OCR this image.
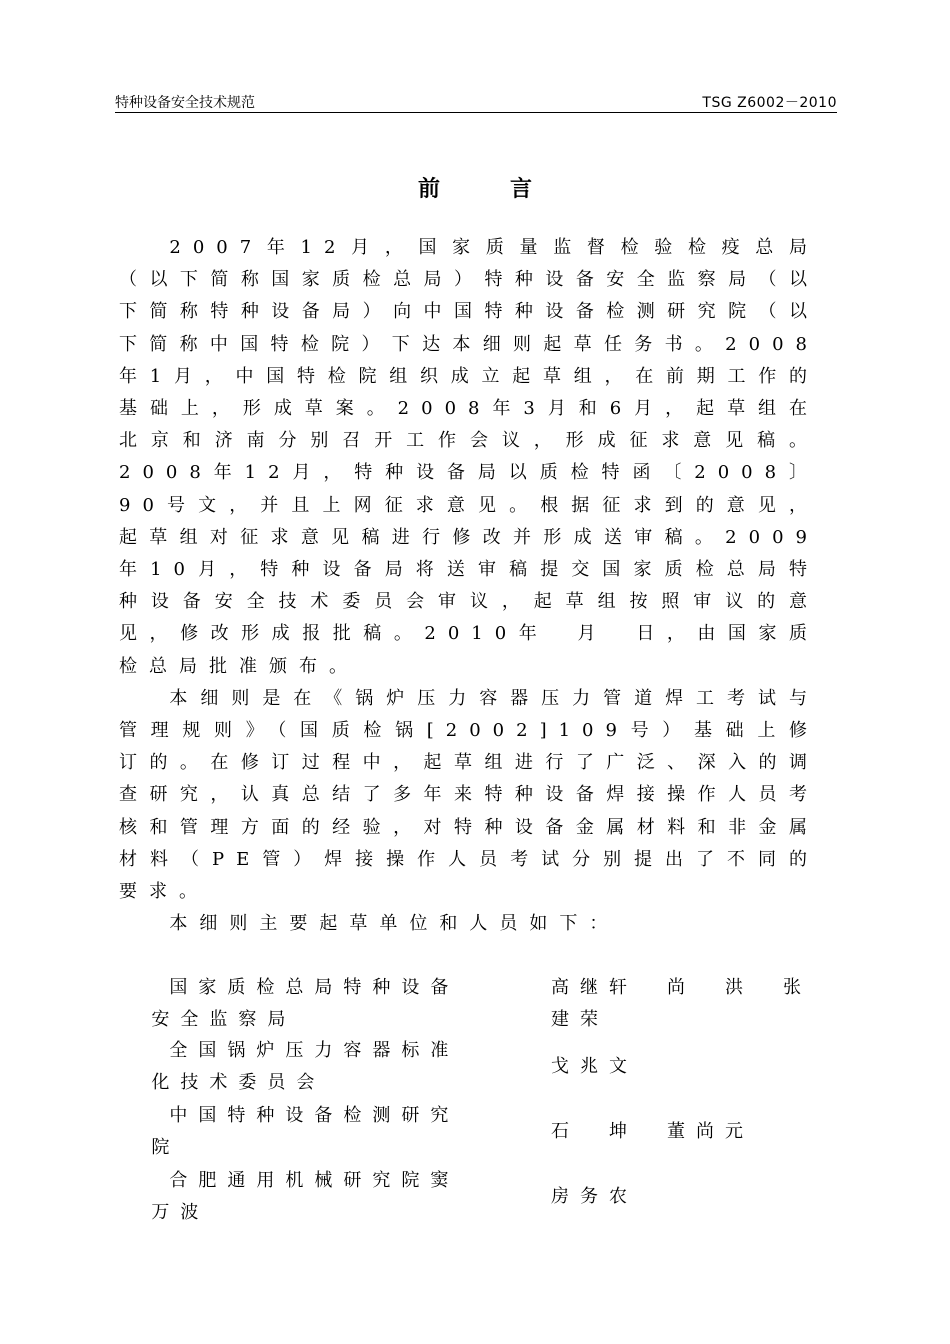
特种设备安全技术规范	TSG Z6002－2010
前	言

2007年12月，国家质量监督检验检疫总局（以下简称国家质检总局）特种设备安全监察局（以下简称特种设备局）向中国特种设备检测研究院（以下简称中国特检院）下达本细则起草任务书。2008年1月，中国特检院组织成立起草组，在前期工作的基础上，形成草案。2008年3月和6月，起草组在北京和济南分别召开工作会议，形成征求意见稿。2008年12月，特种设备局以质检特函〔2008〕90号文，并且上网征求意见。根据征求到的意见，起草组对征求意见稿进行修改并形成送审稿。2009年10月，特种设备局将送审稿提交国家质检总局特种设备安全技术委员会审议，起草组按照审议的意见，修改形成报批稿。2010年 月 日，由国家质检总局批准颁布。

本细则是在《锅炉压力容器压力管道焊工考试与管理规则》（国质检锅[2002]109号）基础上修订的。在修订过程中，起草组进行了广泛、深入的调查研究，认真总结了多年来特种设备焊接操作人员考核和管理方面的经验，对特种设备金属材料和非金属材料（PE管）焊接操作人员考试分别提出了不同的要求。

本细则主要起草单位和人员如下：

国家质检总局特种设备
安全监察局
高继轩　尚　洪　张
建荣
全国锅炉压力容器标准
化技术委员会
戈兆文
中国特种设备检测研究
院
石　坤　董尚元
合肥通用机械研究院窦
万波
房务农
